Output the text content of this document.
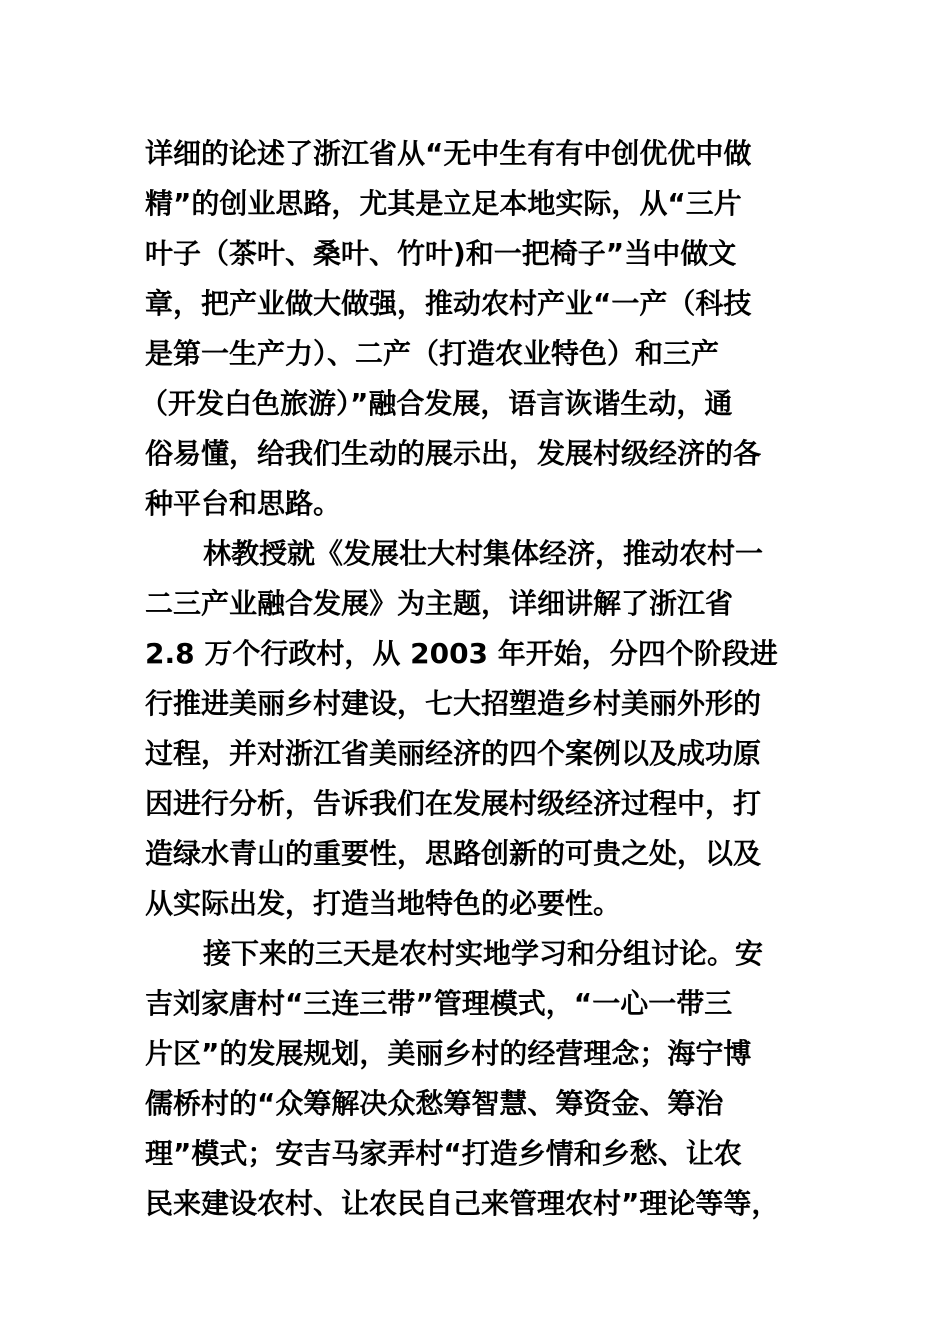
详细的论述了浙江省从“无中生有有中创优优中做
精”的创业思路，尤其是立足本地实际，从“三片
叶子（茶叶、桑叶、竹叶)和一把椅子”当中做文
章，把产业做大做强，推动农村产业“一产（科技
是第一生产力）、二产（打造农业特色）和三产
（开发白色旅游）”融合发展，语言诙谐生动，通
俗易懂，给我们生动的展示出，发展村级经济的各
种平台和思路。
林教授就《发展壮大村集体经济，推动农村一
二三产业融合发展》为主题，详细讲解了浙江省
2.8 万个行政村，从 2003 年开始，分四个阶段进
行推进美丽乡村建设，七大招塑造乡村美丽外形的
过程，并对浙江省美丽经济的四个案例以及成功原
因进行分析，告诉我们在发展村级经济过程中，打
造绿水青山的重要性，思路创新的可贵之处，以及
从实际出发，打造当地特色的必要性。
接下来的三天是农村实地学习和分组讨论。安
吉刘家唐村“三连三带”管理模式，“一心一带三
片区”的发展规划，美丽乡村的经营理念；海宁博
儒桥村的“众筹解决众愁筹智慧、筹资金、筹治
理”模式；安吉马家弄村“打造乡情和乡愁、让农
民来建设农村、让农民自己来管理农村”理论等等，
